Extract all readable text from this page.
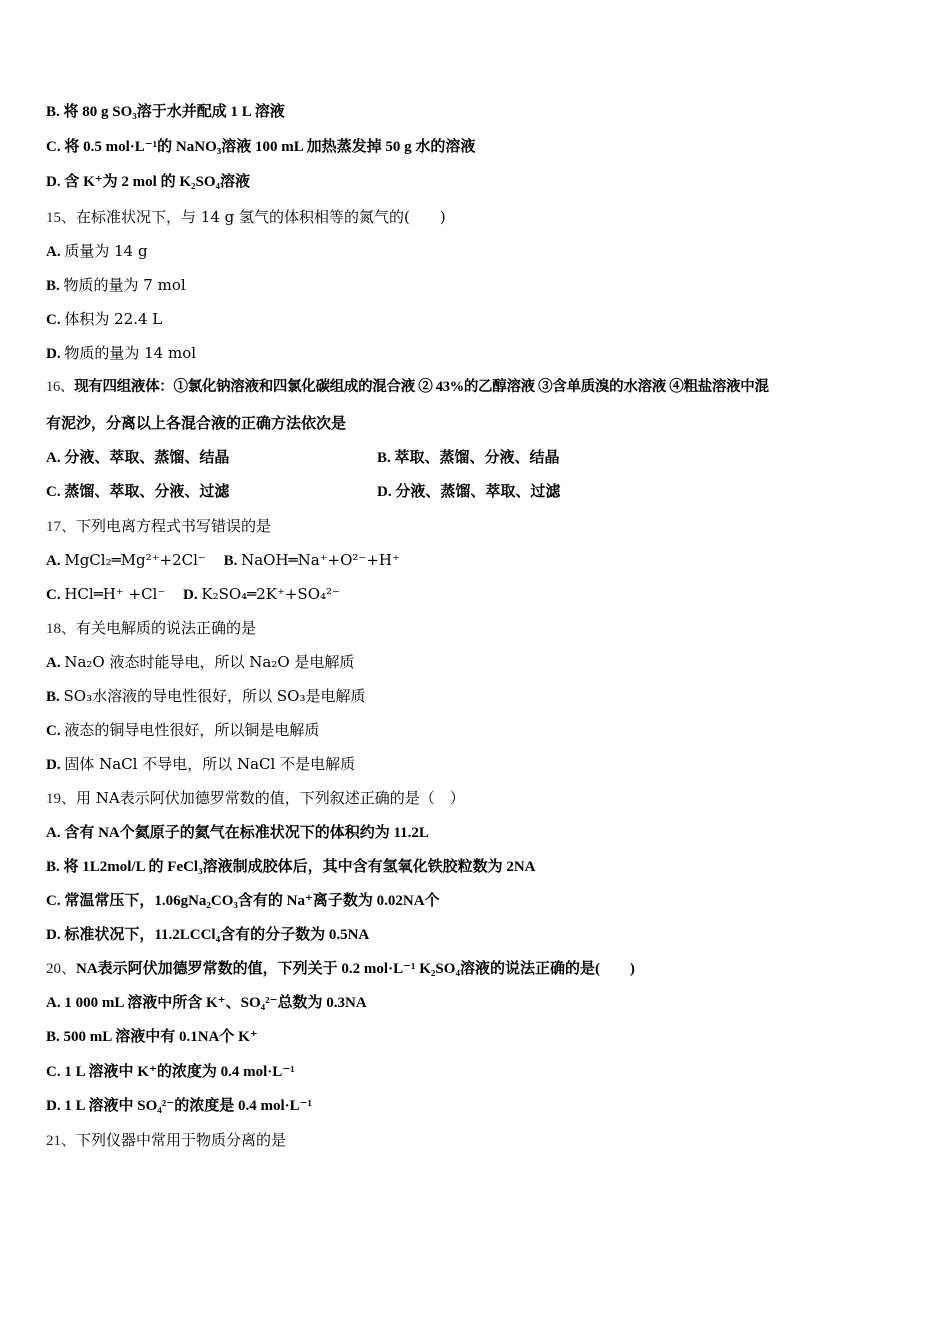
B. 将 80 g SO₃溶于水并配成 1 L 溶液
C. 将 0.5 mol·L⁻¹的 NaNO₃溶液 100 mL 加热蒸发掉 50 g 水的溶液
D. 含 K⁺为 2 mol 的 K₂SO₄溶液
15、在标准状况下，与 14 g 氢气的体积相等的氮气的(　　)
A. 质量为 14 g
B. 物质的量为 7 mol
C. 体积为 22.4 L
D. 物质的量为 14 mol
16、现有四组液体：①氯化钠溶液和四氯化碳组成的混合液 ② 43%的乙醇溶液 ③含单质溴的水溶液 ④粗盐溶液中混
有泥沙，分离以上各混合液的正确方法依次是
A. 分液、萃取、蒸馏、结晶	B. 萃取、蒸馏、分液、结晶
C. 蒸馏、萃取、分液、过滤	D. 分液、蒸馏、萃取、过滤
17、下列电离方程式书写错误的是
A. MgCl₂═Mg²⁺+2Cl⁻ B. NaOH═Na⁺+O²⁻+H⁺
C. HCl═H⁺ +Cl⁻ D. K₂SO₄═2K⁺+SO₄²⁻
18、有关电解质的说法正确的是
A. Na₂O 液态时能导电，所以 Na₂O 是电解质
B. SO₃水溶液的导电性很好，所以 SO₃是电解质
C. 液态的铜导电性很好，所以铜是电解质
D. 固体 NaCl 不导电，所以 NaCl 不是电解质
19、用 NA表示阿伏加德罗常数的值，下列叙述正确的是（　）
A. 含有 NA个氦原子的氦气在标准状况下的体积约为 11.2L
B. 将 1L2mol/L 的 FeCl₃溶液制成胶体后，其中含有氢氧化铁胶粒数为 2NA
C. 常温常压下，1.06gNa₂CO₃含有的 Na⁺离子数为 0.02NA个
D. 标准状况下，11.2LCCl₄含有的分子数为 0.5NA
20、NA表示阿伏加德罗常数的值，下列关于 0.2 mol·L⁻¹ K₂SO₄溶液的说法正确的是(　　)
A. 1 000 mL 溶液中所含 K⁺、SO₄²⁻总数为 0.3NA
B. 500 mL 溶液中有 0.1NA个 K⁺
C. 1 L 溶液中 K⁺的浓度为 0.4 mol·L⁻¹
D. 1 L 溶液中 SO₄²⁻的浓度是 0.4 mol·L⁻¹
21、下列仪器中常用于物质分离的是
